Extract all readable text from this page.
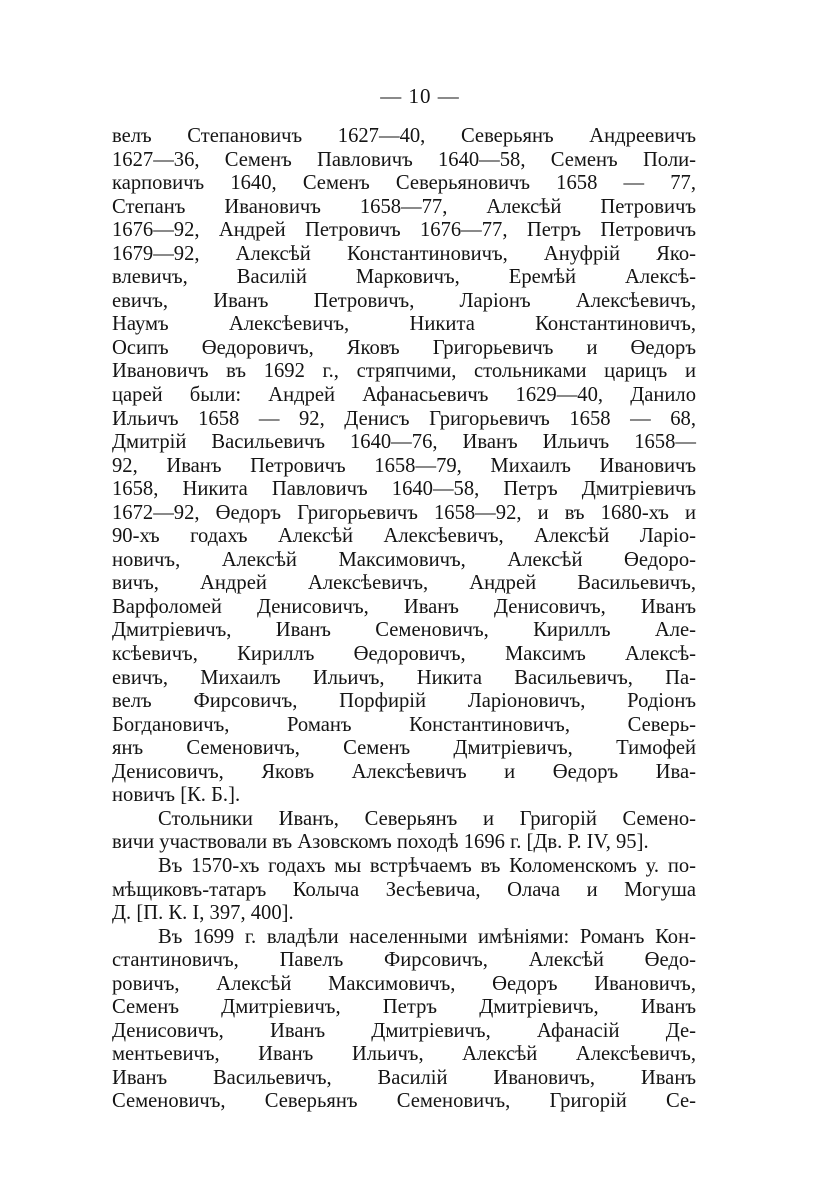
— 10 —
велъ Степановичъ 1627—40, Северьянъ Андреевичъ
1627—36, Семенъ Павловичъ 1640—58, Семенъ Поли-
карповичъ 1640, Семенъ Северьяновичъ 1658 — 77,
Степанъ Ивановичъ 1658—77, Алексѣй Петровичъ
1676—92, Андрей Петровичъ 1676—77, Петръ Петровичъ
1679—92, Алексѣй Константиновичъ, Ануфрій Яко-
влевичъ, Василій Марковичъ, Еремѣй Алексѣ-
евичъ, Иванъ Петровичъ, Ларіонъ Алексѣевичъ,
Наумъ Алексѣевичъ, Никита Константиновичъ,
Осипъ Өедоровичъ, Яковъ Григорьевичъ и Өедоръ
Ивановичъ въ 1692 г., стряпчими, стольниками царицъ и
царей были: Андрей Афанасьевичъ 1629—40, Данило
Ильичъ 1658 — 92, Денисъ Григорьевичъ 1658 — 68,
Дмитрій Васильевичъ 1640—76, Иванъ Ильичъ 1658—
92, Иванъ Петровичъ 1658—79, Михаилъ Ивановичъ
1658, Никита Павловичъ 1640—58, Петръ Дмитріевичъ
1672—92, Өедоръ Григорьевичъ 1658—92, и въ 1680-хъ и
90-хъ годахъ Алексѣй Алексѣевичъ, Алексѣй Ларіо-
новичъ, Алексѣй Максимовичъ, Алексѣй Өедоро-
вичъ, Андрей Алексѣевичъ, Андрей Васильевичъ,
Варфоломей Денисовичъ, Иванъ Денисовичъ, Иванъ
Дмитріевичъ, Иванъ Семеновичъ, Кириллъ Але-
ксѣевичъ, Кириллъ Өедоровичъ, Максимъ Алексѣ-
евичъ, Михаилъ Ильичъ, Никита Васильевичъ, Па-
велъ Фирсовичъ, Порфирій Ларіоновичъ, Родіонъ
Богдановичъ, Романъ Константиновичъ, Северь-
янъ Семеновичъ, Семенъ Дмитріевичъ, Тимофей
Денисовичъ, Яковъ Алексѣевичъ и Өедоръ Ива-
новичъ [К. Б.].
Стольники Иванъ, Северьянъ и Григорій Семено-
вичи участвовали въ Азовскомъ походѣ 1696 г. [Дв. Р. IV, 95].
Въ 1570-хъ годахъ мы встрѣчаемъ въ Коломенскомъ у. по-
мѣщиковъ-татаръ Колыча Зесѣевича, Олача и Могуша
Д. [П. К. I, 397, 400].
Въ 1699 г. владѣли населенными имѣніями: Романъ Кон-
стантиновичъ, Павелъ Фирсовичъ, Алексѣй Өедо-
ровичъ, Алексѣй Максимовичъ, Өедоръ Ивановичъ,
Семенъ Дмитріевичъ, Петръ Дмитріевичъ, Иванъ
Денисовичъ, Иванъ Дмитріевичъ, Афанасій Де-
ментьевичъ, Иванъ Ильичъ, Алексѣй Алексѣевичъ,
Иванъ Васильевичъ, Василій Ивановичъ, Иванъ
Семеновичъ, Северьянъ Семеновичъ, Григорій Се-
